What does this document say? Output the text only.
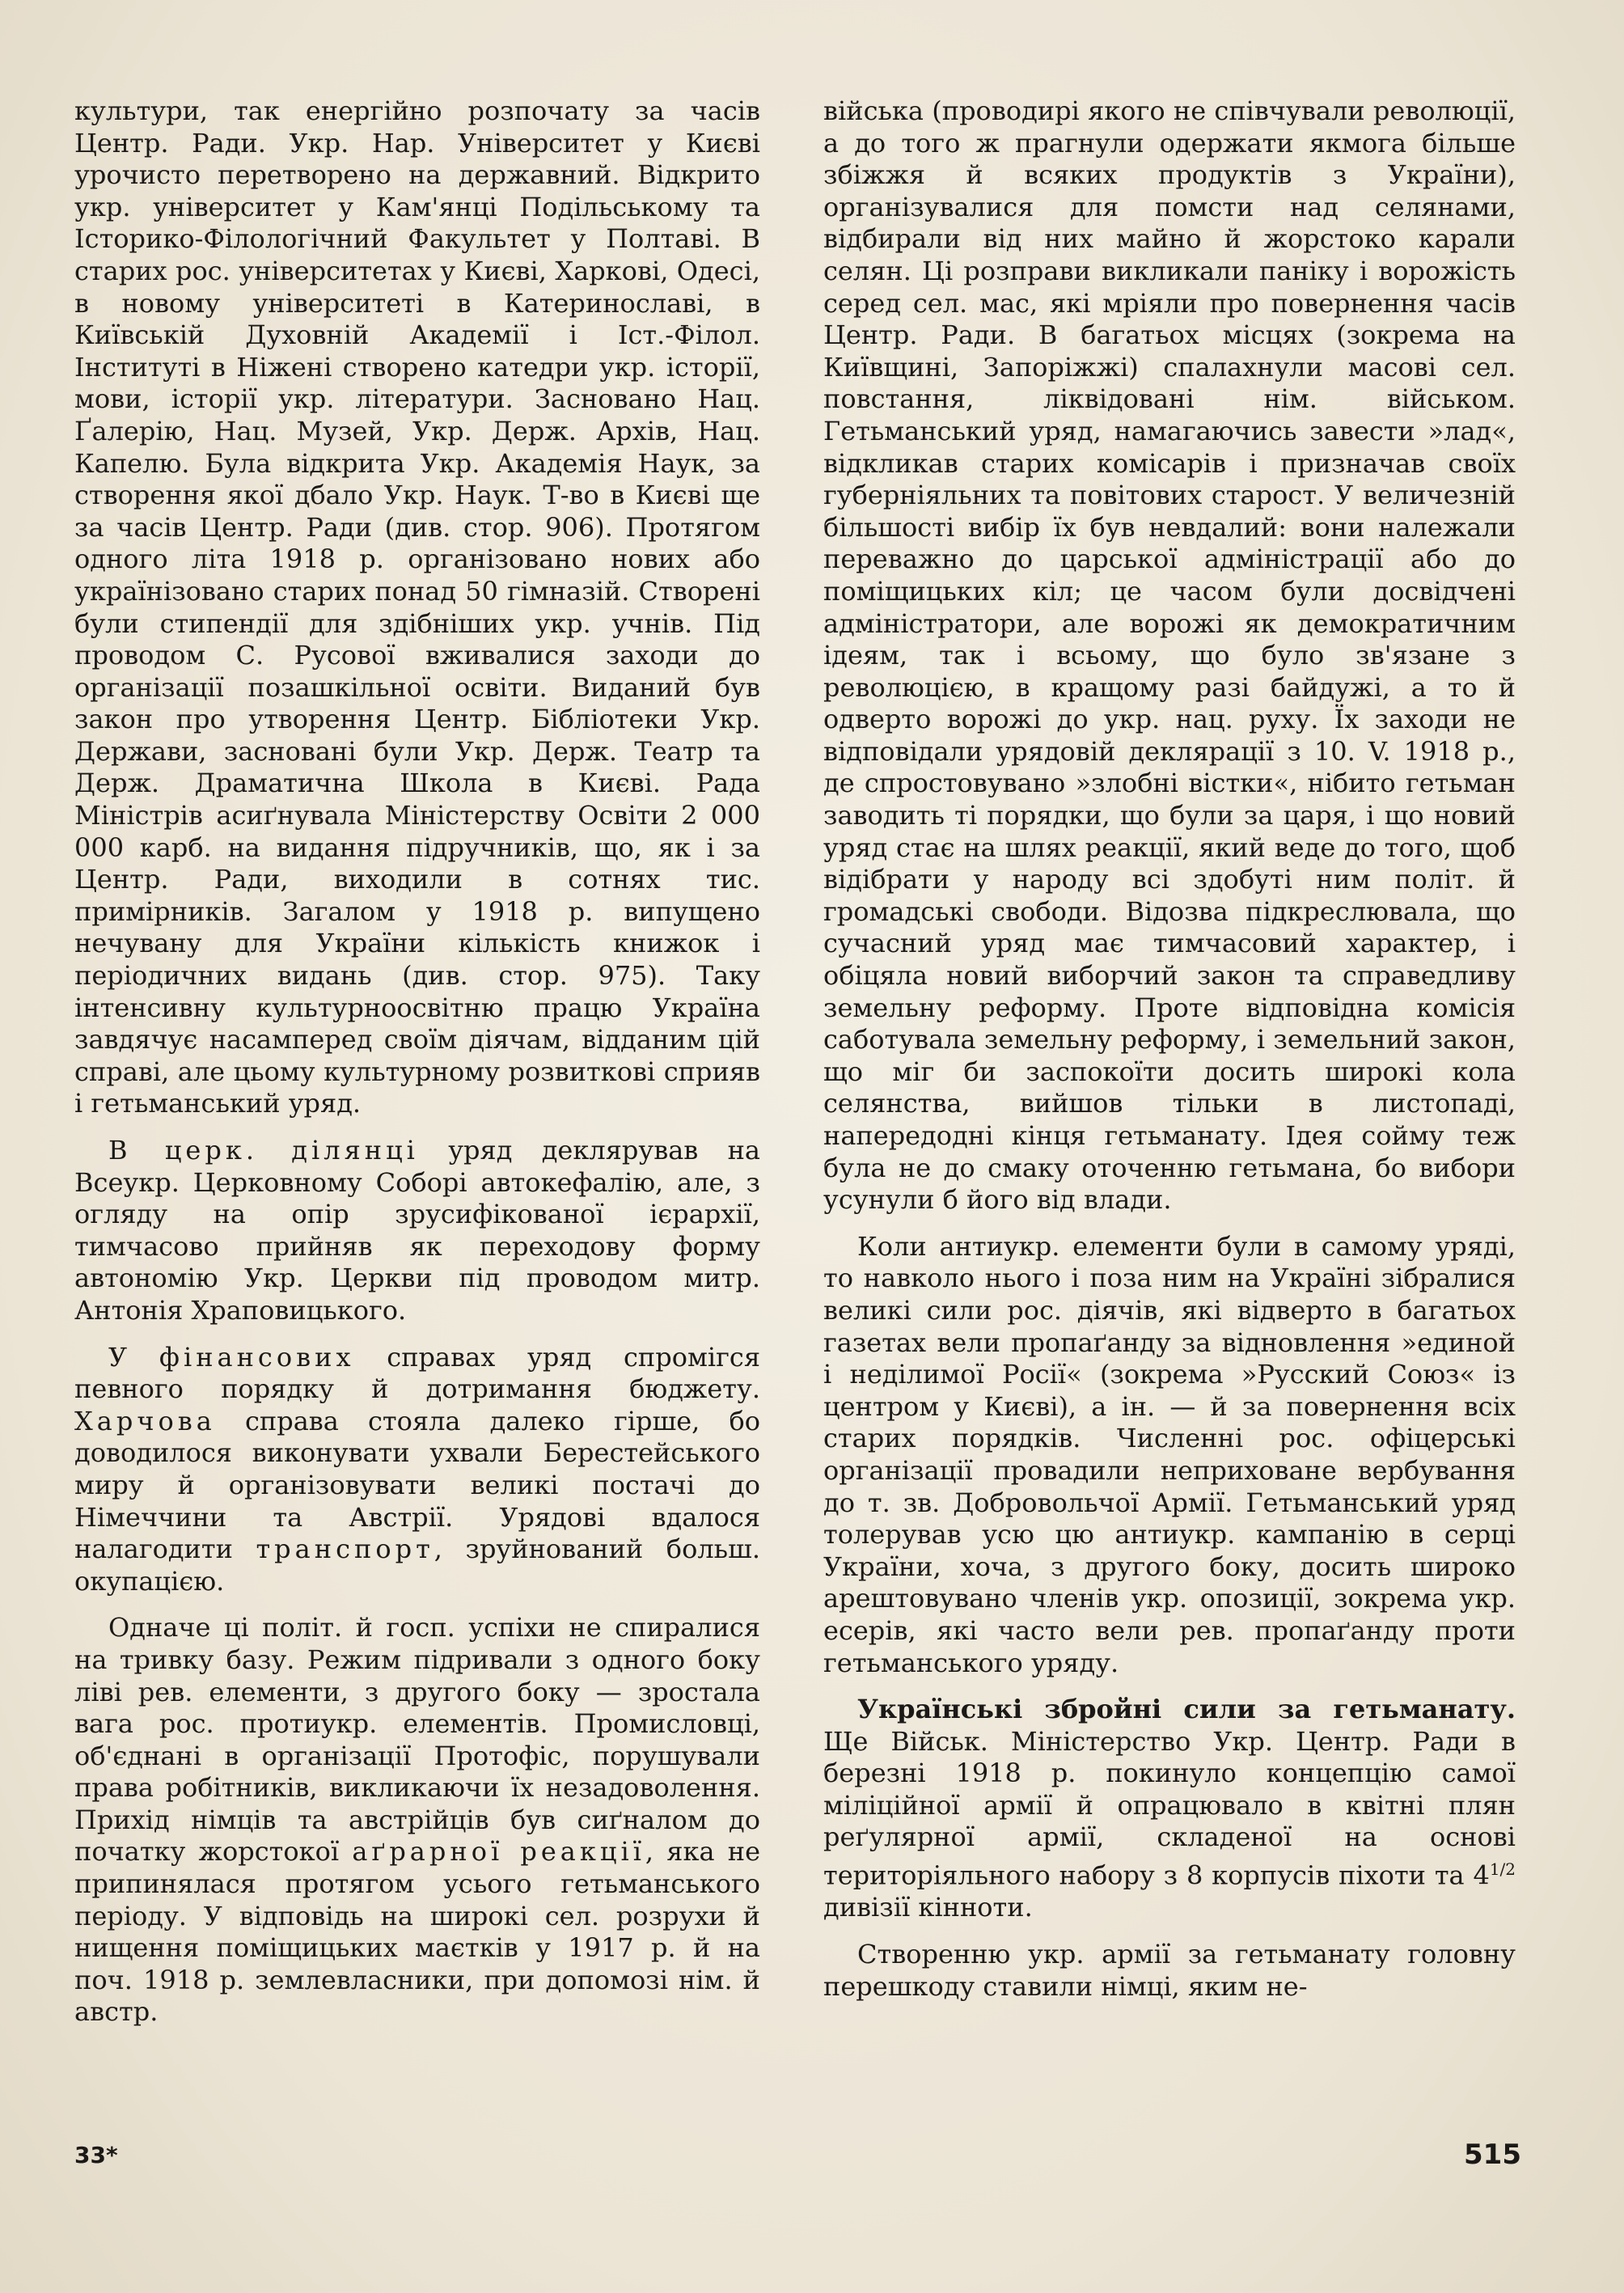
культури, так енергійно розпочату за часів Центр. Ради. Укр. Нар. Університет у Києві урочисто перетворено на державний. Відкрито укр. університет у Кам'янці Подільському та Історико-Філологічний Факультет у Полтаві. В старих рос. університетах у Києві, Харкові, Одесі, в новому університеті в Катеринославі, в Київській Духовній Академії і Іст.-Філол. Інституті в Ніжені створено катедри укр. історії, мови, історії укр. літератури. Засновано Нац. Ґалерію, Нац. Музей, Укр. Держ. Архів, Нац. Капелю. Була відкрита Укр. Академія Наук, за створення якої дбало Укр. Наук. Т-во в Києві ще за часів Центр. Ради (див. стор. 906). Протягом одного літа 1918 р. організовано нових або українізовано старих понад 50 гімназій. Створені були стипендії для здібніших укр. учнів. Під проводом С. Русової вживалися заходи до організації позашкільної освіти. Виданий був закон про утворення Центр. Бібліотеки Укр. Держави, засновані були Укр. Держ. Театр та Держ. Драматична Школа в Києві. Рада Міністрів асиґнувала Міністерству Освіти 2 000 000 карб. на видання підручників, що, як і за Центр. Ради, виходили в сотнях тис. примірників. Загалом у 1918 р. випущено нечувану для України кількість книжок і періодичних видань (див. стор. 975). Таку інтенсивну культурноосвітню працю Україна завдячує насамперед своїм діячам, відданим цій справі, але цьому культурному розвиткові сприяв і гетьманський уряд.

В церк. ділянці уряд деклярував на Всеукр. Церковному Соборі автокефалію, але, з огляду на опір зрусифікованої ієрархії, тимчасово прийняв як переходову форму автономію Укр. Церкви під проводом митр. Антонія Храповицького.

У фінансових справах уряд спромігся певного порядку й дотримання бюджету. Харчова справа стояла далеко гірше, бо доводилося виконувати ухвали Берестейського миру й організовувати великі постачі до Німеччини та Австрії. Урядові вдалося налагодити транспорт, зруйнований больш. окупацією.

Одначе ці політ. й госп. успіхи не спиралися на тривку базу. Режим підривали з одного боку ліві рев. елементи, з другого боку — зростала вага рос. протиукр. елементів. Промисловці, об'єднані в організації Протофіс, порушували права робітників, викликаючи їх незадоволення. Прихід німців та австрійців був сиґналом до початку жорстокої аґрарної реакції, яка не припинялася протягом усього гетьманського періоду. У відповідь на широкі сел. розрухи й нищення поміщицьких маєтків у 1917 р. й на поч. 1918 р. землевласники, при допомозі нім. й австр.

війська (проводирі якого не співчували революції, а до того ж прагнули одержати якмога більше збіжжя й всяких продуктів з України), організувалися для помсти над селянами, відбирали від них майно й жорстоко карали селян. Ці розправи викликали паніку і ворожість серед сел. мас, які мріяли про повернення часів Центр. Ради. В багатьох місцях (зокрема на Київщині, Запоріжжі) спалахнули масові сел. повстання, ліквідовані нім. військом. Гетьманський уряд, намагаючись завести »лад«, відкликав старих комісарів і призначав своїх губерніяльних та повітових старост. У величезній більшості вибір їх був невдалий: вони належали переважно до царської адміністрації або до поміщицьких кіл; це часом були досвідчені адміністратори, але ворожі як демократичним ідеям, так і всьому, що було зв'язане з революцією, в кращому разі байдужі, а то й одверто ворожі до укр. нац. руху. Їх заходи не відповідали урядовій деклярації з 10. V. 1918 р., де спростовувано »злобні вістки«, нібито гетьман заводить ті порядки, що були за царя, і що новий уряд стає на шлях реакції, який веде до того, щоб відібрати у народу всі здобуті ним політ. й громадські свободи. Відозва підкреслювала, що сучасний уряд має тимчасовий характер, і обіцяла новий виборчий закон та справедливу земельну реформу. Проте відповідна комісія саботувала земельну реформу, і земельний закон, що міг би заспокоїти досить широкі кола селянства, вийшов тільки в листопаді, напередодні кінця гетьманату. Ідея сойму теж була не до смаку оточенню гетьмана, бо вибори усунули б його від влади.

Коли антиукр. елементи були в самому уряді, то навколо нього і поза ним на Україні зібралися великі сили рос. діячів, які відверто в багатьох газетах вели пропаґанду за відновлення »единой і неділимої Росії« (зокрема »Русский Союз« із центром у Києві), а ін. — й за повернення всіх старих порядків. Численні рос. офіцерські організації провадили неприховане вербування до т. зв. Добровольчої Армії. Гетьманський уряд толерував усю цю антиукр. кампанію в серці України, хоча, з другого боку, досить широко арештовувано членів укр. опозиції, зокрема укр. есерів, які часто вели рев. пропаґанду проти гетьманського уряду.

Українські збройні сили за гетьманату. Ще Військ. Міністерство Укр. Центр. Ради в березні 1918 р. покинуло концепцію самої міліційної армії й опрацювало в квітні плян реґулярної армії, складеної на основі територіяльного набору з 8 корпусів піхоти та $4^{1/2}$ дивізії кінноти.

Створенню укр. армії за гетьманату головну перешкоду ставили німці, яким не-

33*	515
